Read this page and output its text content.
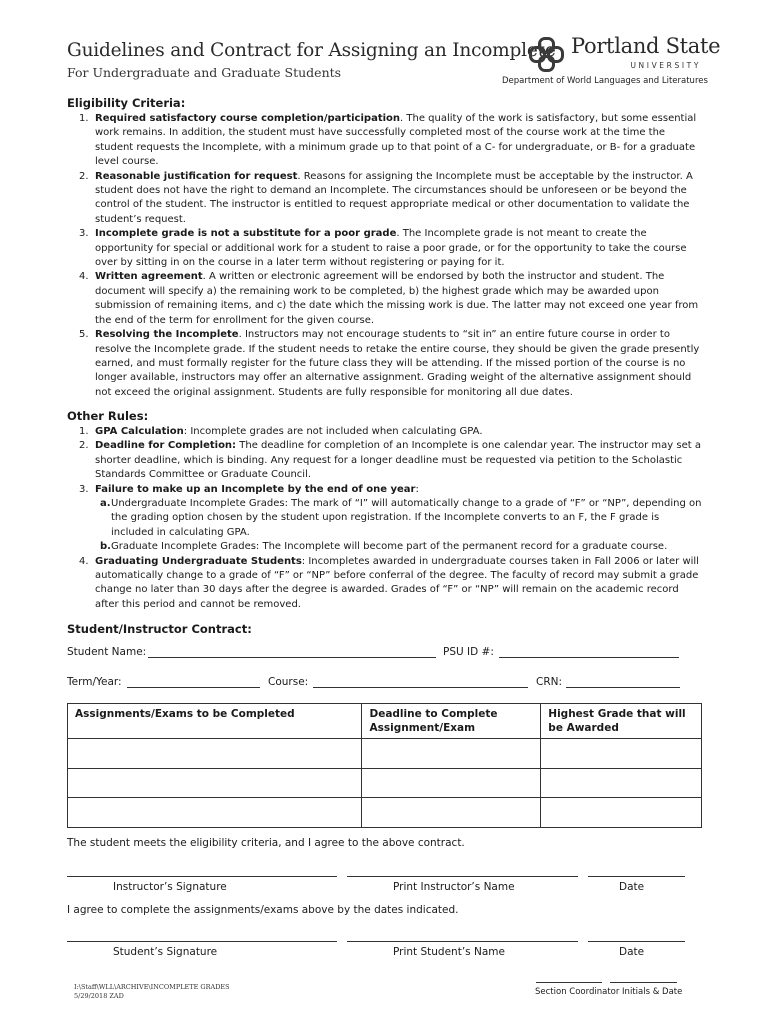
Guidelines and Contract for Assigning an Incomplete
For Undergraduate and Graduate Students
Portland State
UNIVERSITY
Department of World Languages and Literatures
Eligibility Criteria:
1. Required satisfactory course completion/participation. The quality of the work is satisfactory, but some essential work remains. In addition, the student must have successfully completed most of the course work at the time the student requests the Incomplete, with a minimum grade up to that point of a C- for undergraduate, or B- for a graduate level course.
2. Reasonable justification for request. Reasons for assigning the Incomplete must be acceptable by the instructor. A student does not have the right to demand an Incomplete. The circumstances should be unforeseen or be beyond the control of the student. The instructor is entitled to request appropriate medical or other documentation to validate the student’s request.
3. Incomplete grade is not a substitute for a poor grade. The Incomplete grade is not meant to create the opportunity for special or additional work for a student to raise a poor grade, or for the opportunity to take the course over by sitting in on the course in a later term without registering or paying for it.
4. Written agreement. A written or electronic agreement will be endorsed by both the instructor and student. The document will specify a) the remaining work to be completed, b) the highest grade which may be awarded upon submission of remaining items, and c) the date which the missing work is due. The latter may not exceed one year from the end of the term for enrollment for the given course.
5. Resolving the Incomplete. Instructors may not encourage students to “sit in” an entire future course in order to resolve the Incomplete grade. If the student needs to retake the entire course, they should be given the grade presently earned, and must formally register for the future class they will be attending. If the missed portion of the course is no longer available, instructors may offer an alternative assignment. Grading weight of the alternative assignment should not exceed the original assignment. Students are fully responsible for monitoring all due dates.
Other Rules:
1. GPA Calculation: Incomplete grades are not included when calculating GPA.
2. Deadline for Completion: The deadline for completion of an Incomplete is one calendar year. The instructor may set a shorter deadline, which is binding. Any request for a longer deadline must be requested via petition to the Scholastic Standards Committee or Graduate Council.
3. Failure to make up an Incomplete by the end of one year:
a. Undergraduate Incomplete Grades: The mark of “I” will automatically change to a grade of “F” or “NP”, depending on the grading option chosen by the student upon registration. If the Incomplete converts to an F, the F grade is included in calculating GPA.
b. Graduate Incomplete Grades: The Incomplete will become part of the permanent record for a graduate course.
4. Graduating Undergraduate Students: Incompletes awarded in undergraduate courses taken in Fall 2006 or later will automatically change to a grade of “F” or “NP” before conferral of the degree. The faculty of record may submit a grade change no later than 30 days after the degree is awarded. Grades of “F” or “NP” will remain on the academic record after this period and cannot be removed.
Student/Instructor Contract:
Student Name:	PSU ID #:
Term/Year:	Course:	CRN:
Assignments/Exams to be Completed	Deadline to Complete Assignment/Exam	Highest Grade that will be Awarded

The student meets the eligibility criteria, and I agree to the above contract.
Instructor’s Signature	Print Instructor’s Name	Date
I agree to complete the assignments/exams above by the dates indicated.
Student’s Signature	Print Student’s Name	Date
I:\Staff\WLL\ARCHIVE\INCOMPLETE GRADES
5/29/2018 ZAD	Section Coordinator Initials & Date
